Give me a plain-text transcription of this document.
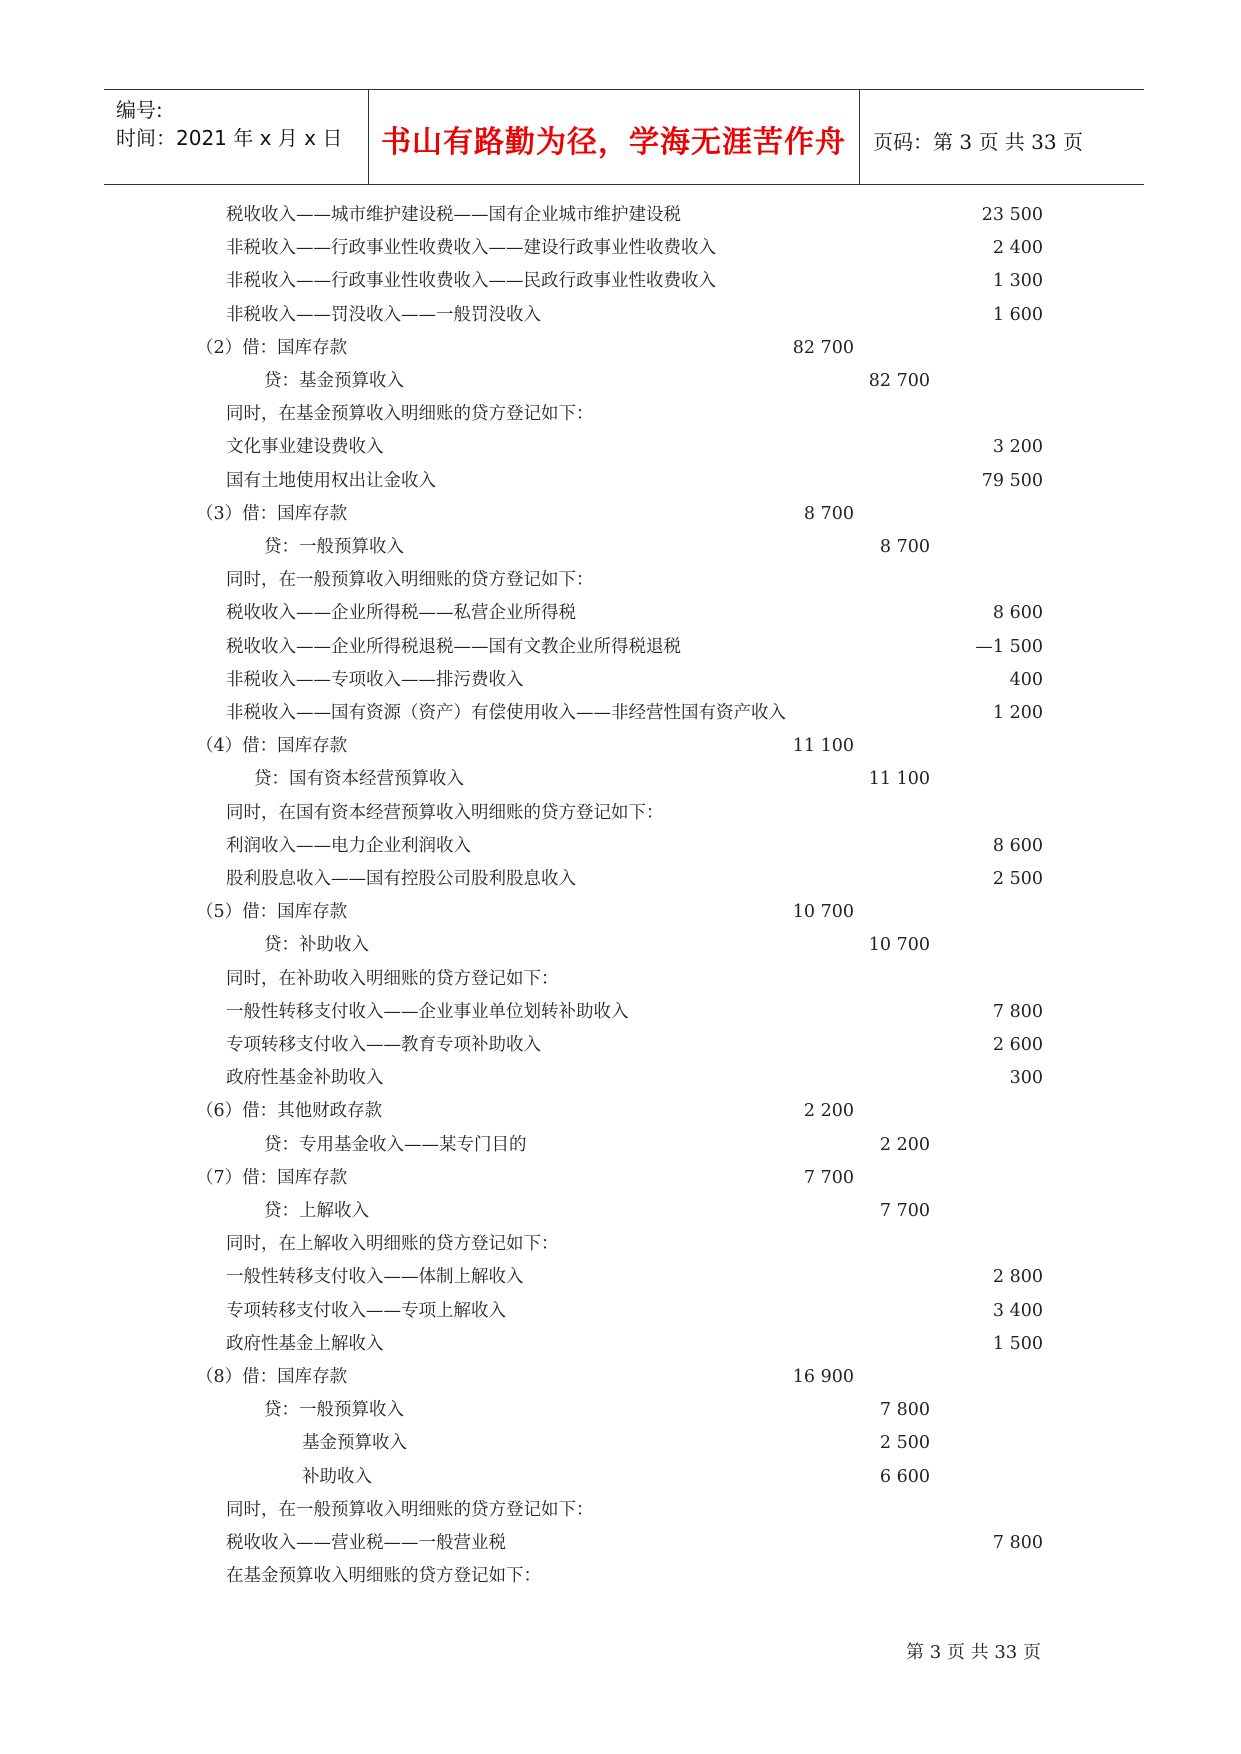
编号:
时间：2021 年 x 月 x 日	书山有路勤为径，学海无涯苦作舟	页码：第 3 页 共 33 页
税收收入——城市维护建设税——国有企业城市维护建设税	23 500
非税收入——行政事业性收费收入——建设行政事业性收费收入	2 400
非税收入——行政事业性收费收入——民政行政事业性收费收入	1 300
非税收入——罚没收入——一般罚没收入	1 600
（2）借：国库存款	82 700
贷：基金预算收入	82 700
同时，在基金预算收入明细账的贷方登记如下：
文化事业建设费收入	3 200
国有土地使用权出让金收入	79 500
（3）借：国库存款	8 700
贷：一般预算收入	8 700
同时，在一般预算收入明细账的贷方登记如下：
税收收入——企业所得税——私营企业所得税	8 600
税收收入——企业所得税退税——国有文教企业所得税退税	—1 500
非税收入——专项收入——排污费收入	400
非税收入——国有资源（资产）有偿使用收入——非经营性国有资产收入	1 200
（4）借：国库存款	11 100
贷：国有资本经营预算收入	11 100
同时，在国有资本经营预算收入明细账的贷方登记如下：
利润收入——电力企业利润收入	8 600
股利股息收入——国有控股公司股利股息收入	2 500
（5）借：国库存款	10 700
贷：补助收入	10 700
同时，在补助收入明细账的贷方登记如下：
一般性转移支付收入——企业事业单位划转补助收入	7 800
专项转移支付收入——教育专项补助收入	2 600
政府性基金补助收入	300
（6）借：其他财政存款	2 200
贷：专用基金收入——某专门目的	2 200
（7）借：国库存款	7 700
贷：上解收入	7 700
同时，在上解收入明细账的贷方登记如下：
一般性转移支付收入——体制上解收入	2 800
专项转移支付收入——专项上解收入	3 400
政府性基金上解收入	1 500
（8）借：国库存款	16 900
贷：一般预算收入	7 800
基金预算收入	2 500
补助收入	6 600
同时，在一般预算收入明细账的贷方登记如下：
税收收入——营业税——一般营业税	7 800
在基金预算收入明细账的贷方登记如下：
第 3 页 共 33 页
